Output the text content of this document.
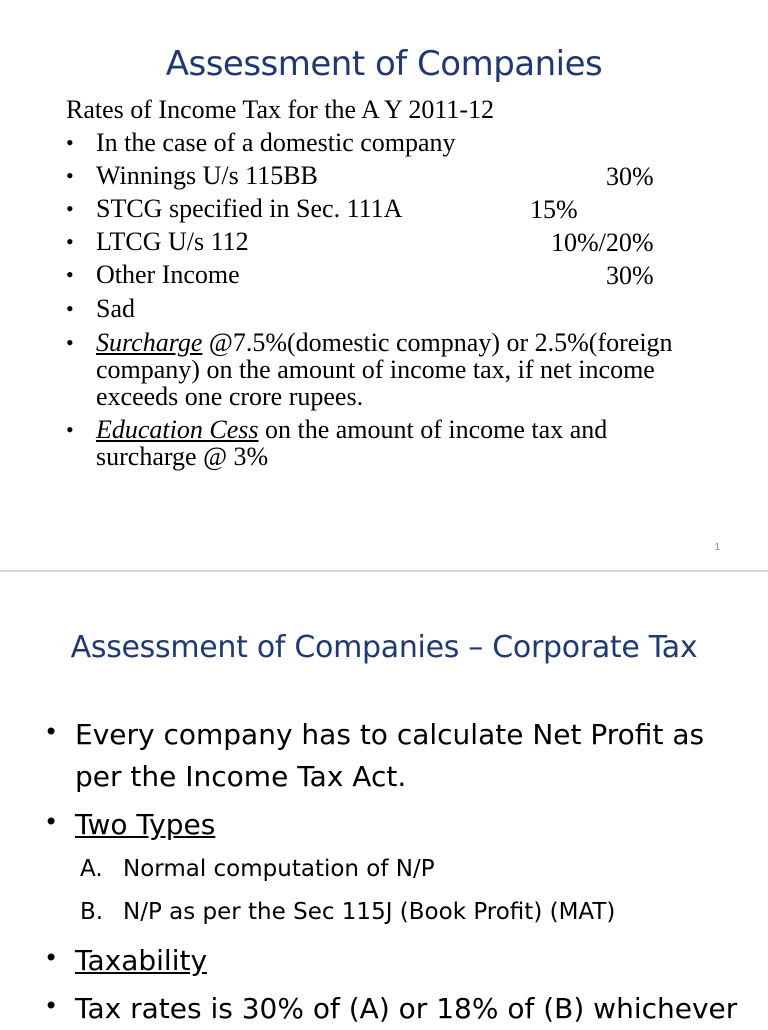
Assessment of Companies
Rates of Income Tax for the A Y 2011-12
• In the case of a domestic company
• Winnings U/s 115BB	30%
• STCG specified in Sec. 111A	15%
• LTCG U/s 112	10%/20%
• Other Income	30%
• Sad
• Surcharge @7.5%(domestic compnay) or 2.5%(foreign
company) on the amount of income tax, if net income
exceeds one crore rupees.
• Education Cess on the amount of income tax and
surcharge @ 3%
1
Assessment of Companies – Corporate Tax
• Every company has to calculate Net Profit as
per the Income Tax Act.
• Two Types
A. Normal computation of N/P
B. N/P as per the Sec 115J (Book Profit) (MAT)
• Taxability
• Tax rates is 30% of (A) or 18% of (B) whichever
